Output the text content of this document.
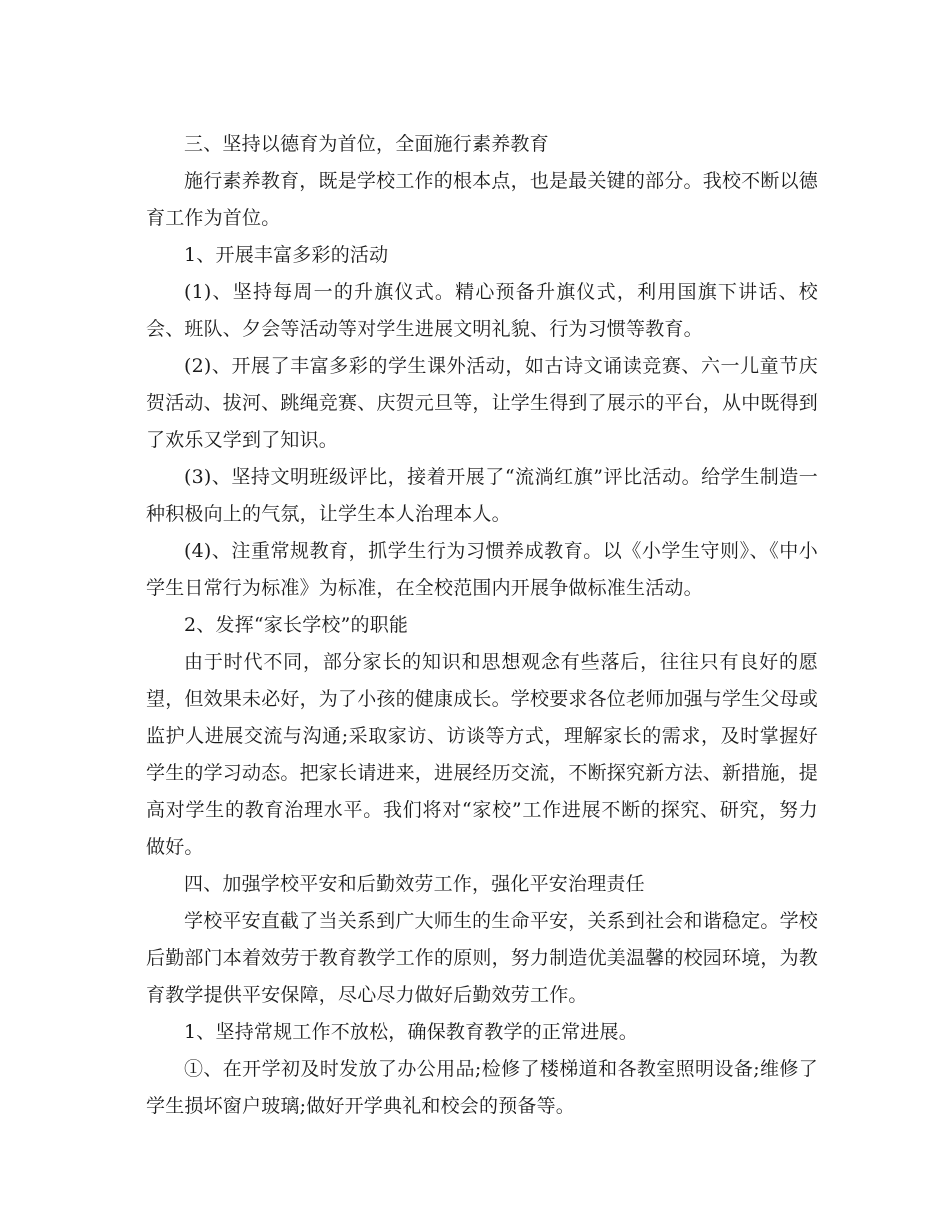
三、坚持以德育为首位，全面施行素养教育

施行素养教育，既是学校工作的根本点，也是最关键的部分。我校不断以德育工作为首位。

1、开展丰富多彩的活动

(1)、坚持每周一的升旗仪式。精心预备升旗仪式，利用国旗下讲话、校会、班队、夕会等活动等对学生进展文明礼貌、行为习惯等教育。

(2)、开展了丰富多彩的学生课外活动，如古诗文诵读竞赛、六一儿童节庆贺活动、拔河、跳绳竞赛、庆贺元旦等，让学生得到了展示的平台，从中既得到了欢乐又学到了知识。

(3)、坚持文明班级评比，接着开展了“流淌红旗”评比活动。给学生制造一种积极向上的气氛，让学生本人治理本人。

(4)、注重常规教育，抓学生行为习惯养成教育。以《小学生守则》、《中小学生日常行为标准》为标准，在全校范围内开展争做标准生活动。

2、发挥“家长学校”的职能

由于时代不同，部分家长的知识和思想观念有些落后，往往只有良好的愿望，但效果未必好，为了小孩的健康成长。学校要求各位老师加强与学生父母或监护人进展交流与沟通;采取家访、访谈等方式，理解家长的需求，及时掌握好学生的学习动态。把家长请进来，进展经历交流，不断探究新方法、新措施，提高对学生的教育治理水平。我们将对“家校”工作进展不断的探究、研究，努力做好。

四、加强学校平安和后勤效劳工作，强化平安治理责任

学校平安直截了当关系到广大师生的生命平安，关系到社会和谐稳定。学校后勤部门本着效劳于教育教学工作的原则，努力制造优美温馨的校园环境，为教育教学提供平安保障，尽心尽力做好后勤效劳工作。

1、坚持常规工作不放松，确保教育教学的正常进展。

①、在开学初及时发放了办公用品;检修了楼梯道和各教室照明设备;维修了学生损坏窗户玻璃;做好开学典礼和校会的预备等。
